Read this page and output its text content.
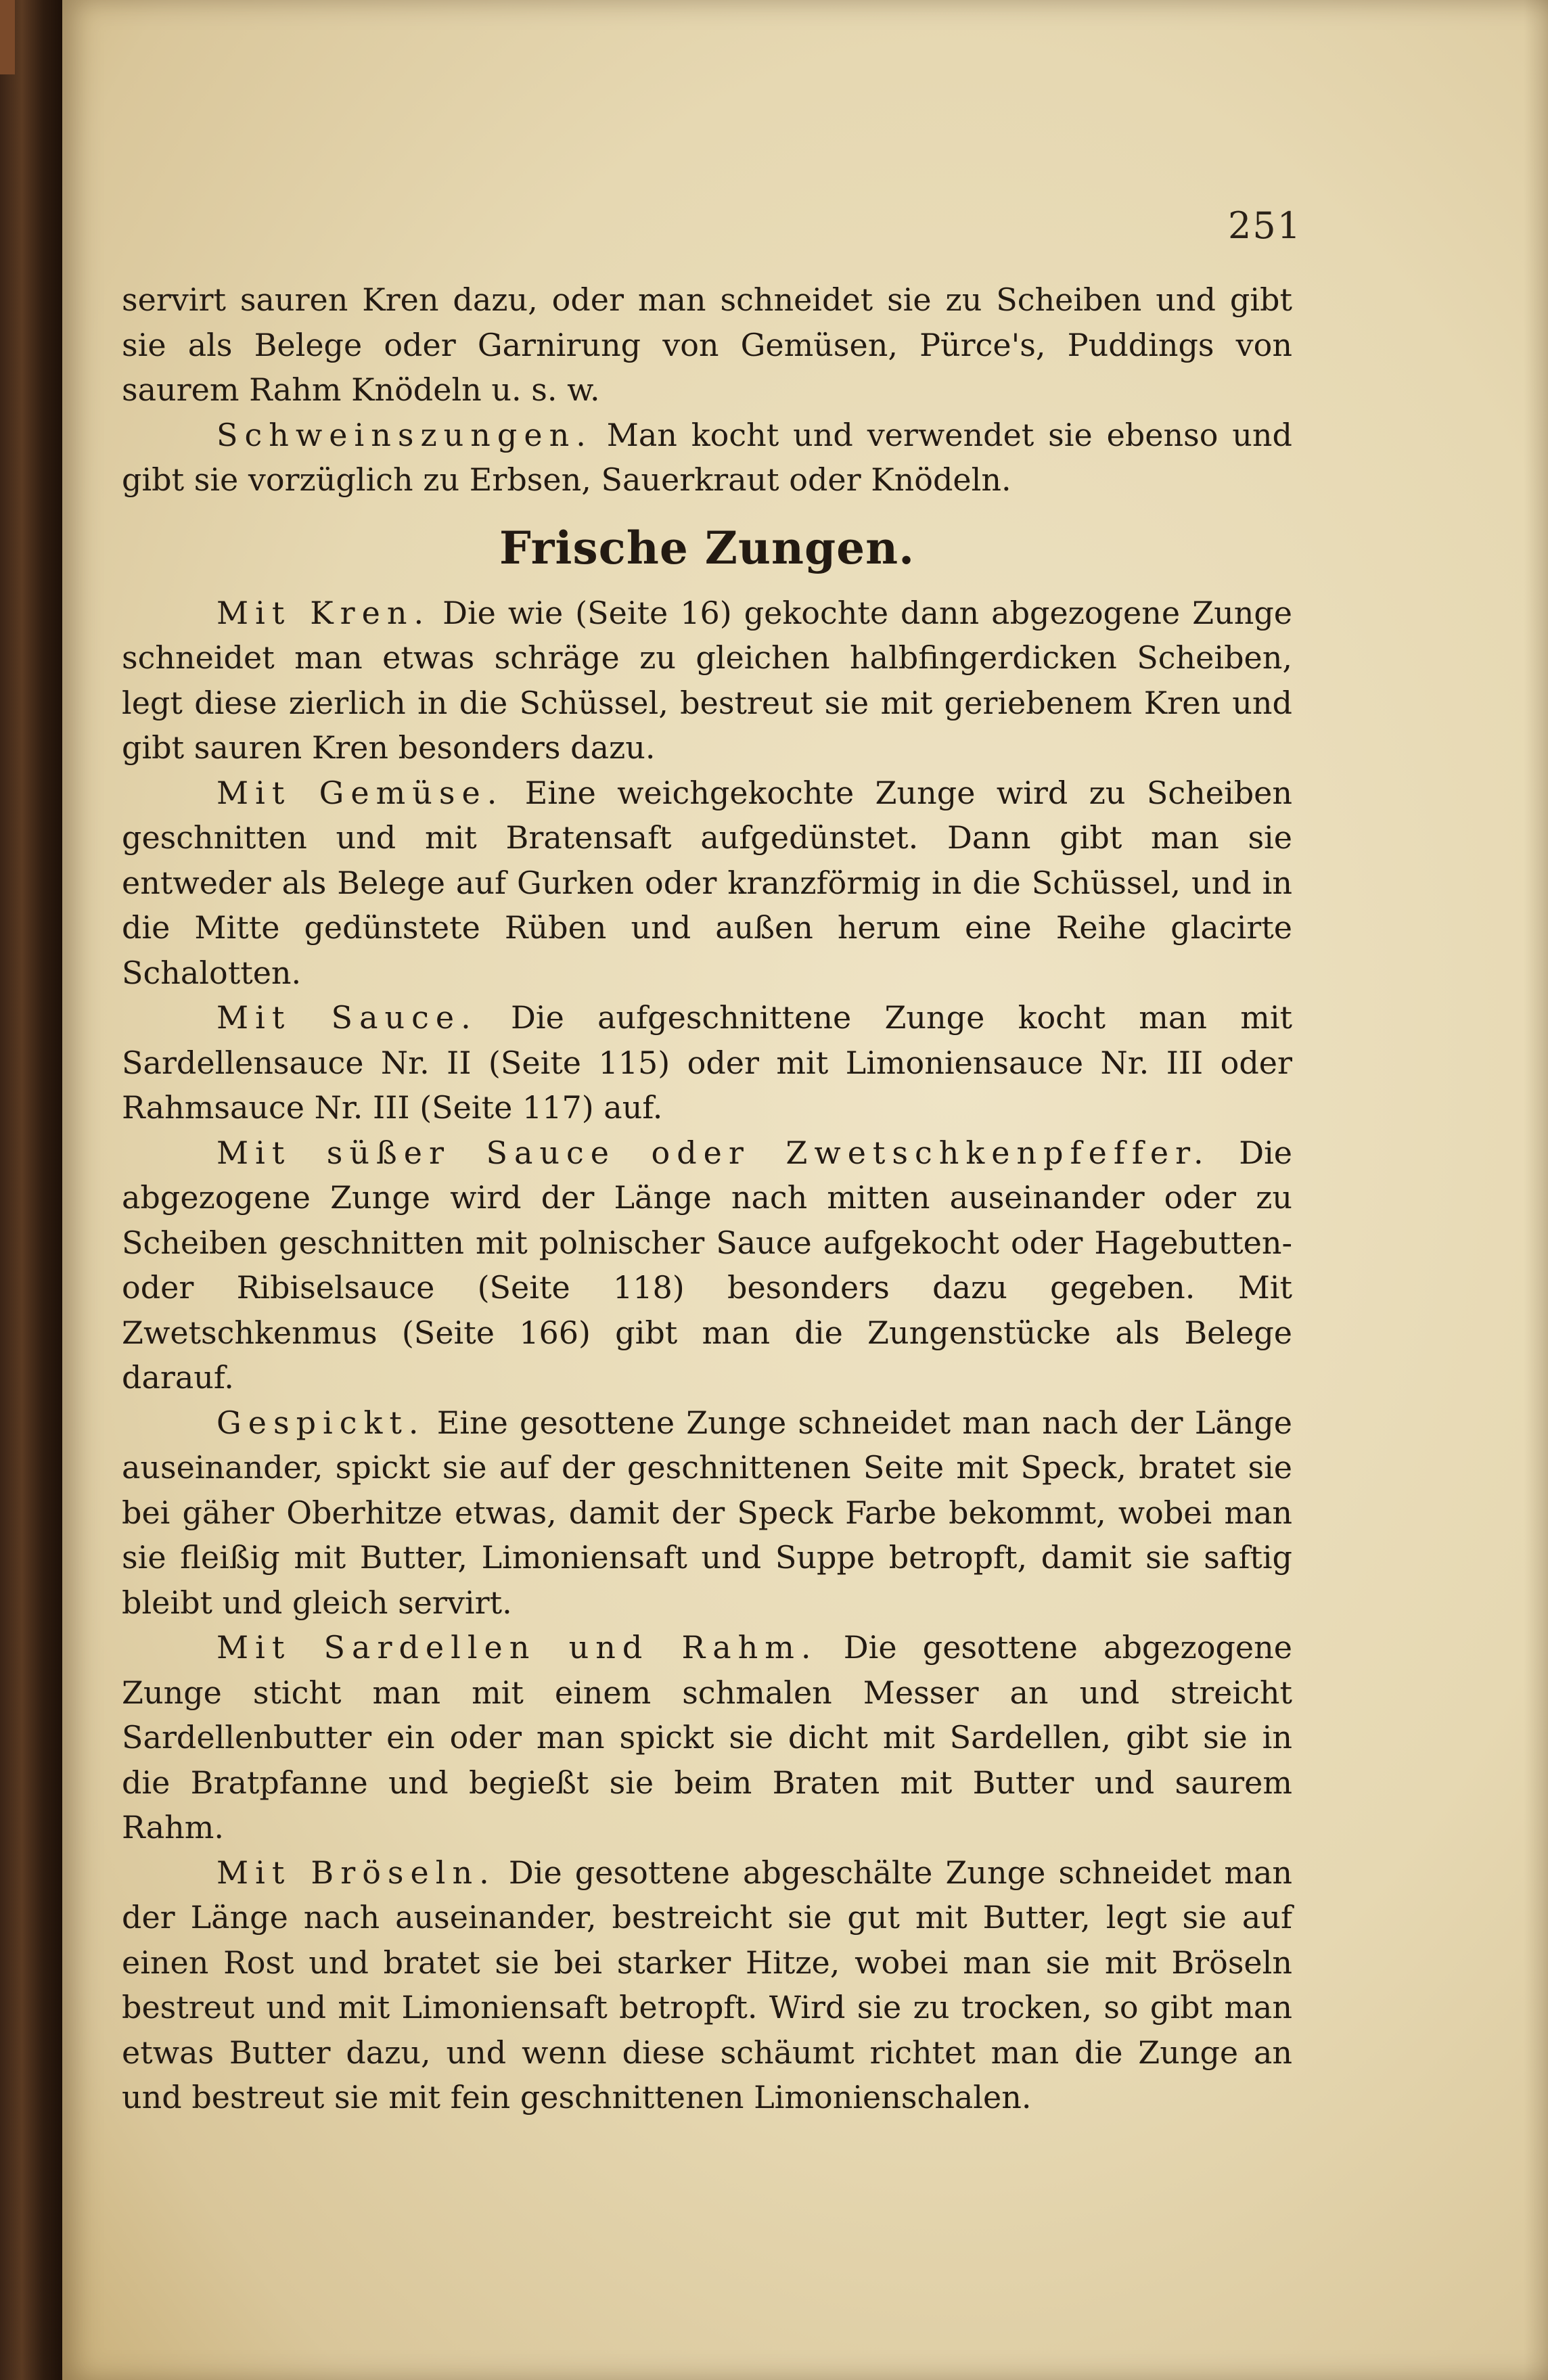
251

servirt sauren Kren dazu, oder man schneidet sie zu Scheiben und gibt sie als Belege oder Garnirung von Gemüsen, Pürce's, Puddings von saurem Rahm Knödeln u. s. w.

Schweinszungen. Man kocht und verwendet sie ebenso und gibt sie vorzüglich zu Erbsen, Sauerkraut oder Knödeln.

Frische Zungen.

Mit Kren. Die wie (Seite 16) gekochte dann abgezogene Zunge schneidet man etwas schräge zu gleichen halbfingerdicken Scheiben, legt diese zierlich in die Schüssel, bestreut sie mit geriebenem Kren und gibt sauren Kren besonders dazu.

Mit Gemüse. Eine weichgekochte Zunge wird zu Scheiben geschnitten und mit Bratensaft aufgedünstet. Dann gibt man sie entweder als Belege auf Gurken oder kranzförmig in die Schüssel, und in die Mitte gedünstete Rüben und außen herum eine Reihe glacirte Schalotten.

Mit Sauce. Die aufgeschnittene Zunge kocht man mit Sardellensauce Nr. II (Seite 115) oder mit Limoniensauce Nr. III oder Rahmsauce Nr. III (Seite 117) auf.

Mit süßer Sauce oder Zwetschkenpfeffer. Die abgezogene Zunge wird der Länge nach mitten auseinander oder zu Scheiben geschnitten mit polnischer Sauce aufgekocht oder Hagebutten- oder Ribiselsauce (Seite 118) besonders dazu gegeben. Mit Zwetschkenmus (Seite 166) gibt man die Zungenstücke als Belege darauf.

Gespickt. Eine gesottene Zunge schneidet man nach der Länge auseinander, spickt sie auf der geschnittenen Seite mit Speck, bratet sie bei gäher Oberhitze etwas, damit der Speck Farbe bekommt, wobei man sie fleißig mit Butter, Limoniensaft und Suppe betropft, damit sie saftig bleibt und gleich servirt.

Mit Sardellen und Rahm. Die gesottene abgezogene Zunge sticht man mit einem schmalen Messer an und streicht Sardellenbutter ein oder man spickt sie dicht mit Sardellen, gibt sie in die Bratpfanne und begießt sie beim Braten mit Butter und saurem Rahm.

Mit Bröseln. Die gesottene abgeschälte Zunge schneidet man der Länge nach auseinander, bestreicht sie gut mit Butter, legt sie auf einen Rost und bratet sie bei starker Hitze, wobei man sie mit Bröseln bestreut und mit Limoniensaft betropft. Wird sie zu trocken, so gibt man etwas Butter dazu, und wenn diese schäumt richtet man die Zunge an und bestreut sie mit fein geschnittenen Limonienschalen.
